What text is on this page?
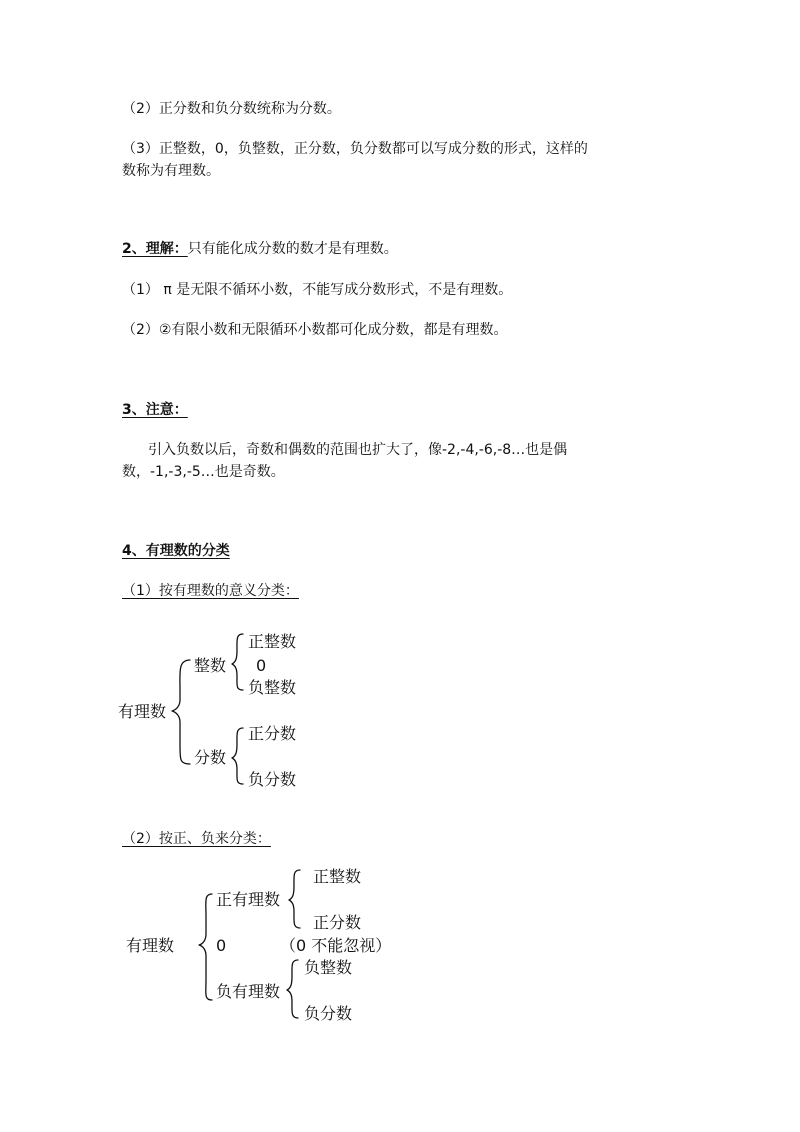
（2）正分数和负分数统称为分数。
（3）正整数，0，负整数，正分数，负分数都可以写成分数的形式，这样的
数称为有理数。
2、理解：只有能化成分数的数才是有理数。
（1） π 是无限不循环小数，不能写成分数形式，不是有理数。
（2）②有限小数和无限循环小数都可化成分数，都是有理数。
3、注意：
引入负数以后，奇数和偶数的范围也扩大了，像-2,-4,-6,-8…也是偶
数，-1,-3,-5…也是奇数。
4、有理数的分类
（1）按有理数的意义分类：
有理数
整数
正整数
0
负整数
分数
正分数
负分数
（2）按正、负来分类：
有理数
正有理数
正整数
正分数
0	（0 不能忽视）
负有理数
负整数
负分数
